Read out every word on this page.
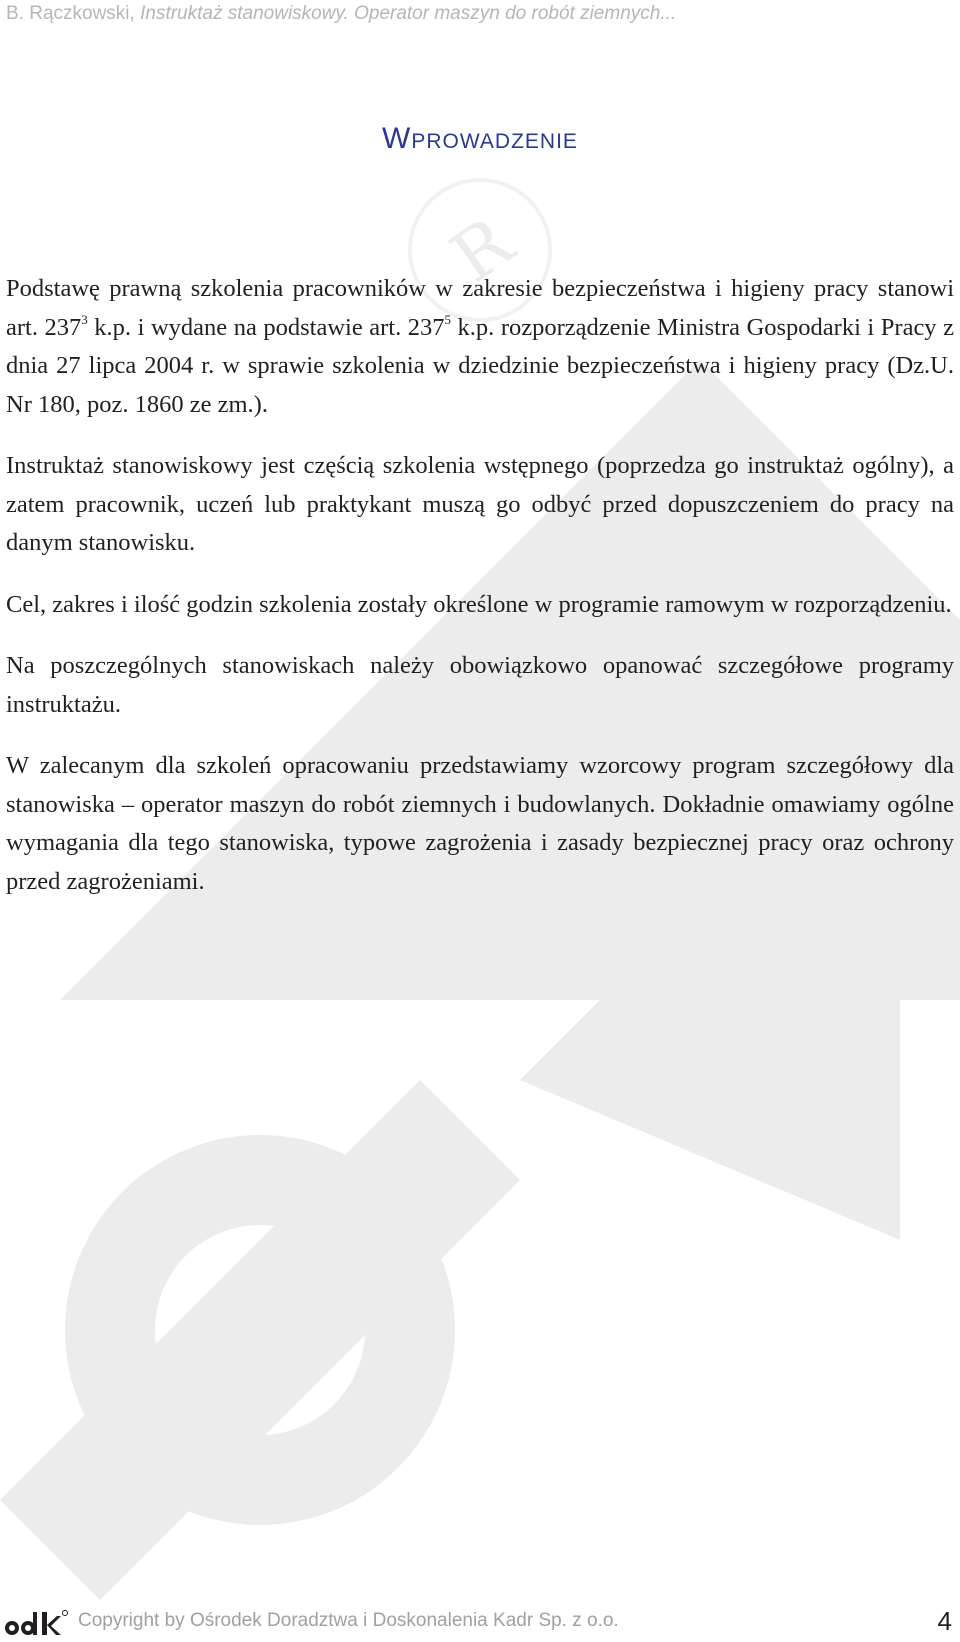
R
B. Rączkowski, Instruktaż stanowiskowy. Operator maszyn do robót ziemnych...
Wprowadzenie

Podstawę prawną szkolenia pracowników w zakresie bezpieczeństwa i higieny pracy stanowi art. $237^3$ k.p. i wydane na podstawie art. $237^5$ k.p. rozporządzenie Ministra Gospodarki i Pracy z dnia 27 lipca 2004 r. w sprawie szkolenia w dziedzinie bezpieczeństwa i higieny pracy (Dz.U. Nr 180, poz. 1860 ze zm.).

Instruktaż stanowiskowy jest częścią szkolenia wstępnego (poprzedza go instruktaż ogólny), a zatem pracownik, uczeń lub praktykant muszą go odbyć przed dopuszczeniem do pracy na danym stanowisku.

Cel, zakres i ilość godzin szkolenia zostały określone w programie ramowym w rozporządzeniu.

Na poszczególnych stanowiskach należy obowiązkowo opanować szczegółowe programy instruktażu.

W zalecanym dla szkoleń opracowaniu przedstawiamy wzorcowy program szczegółowy dla stanowiska – operator maszyn do robót ziemnych i budowlanych. Dokładnie omawiamy ogólne wymagania dla tego stanowiska, typowe zagrożenia i zasady bezpiecznej pracy oraz ochrony przed zagrożeniami.

Copyright by Ośrodek Doradztwa i Doskonalenia Kadr Sp. z o.o.	4
